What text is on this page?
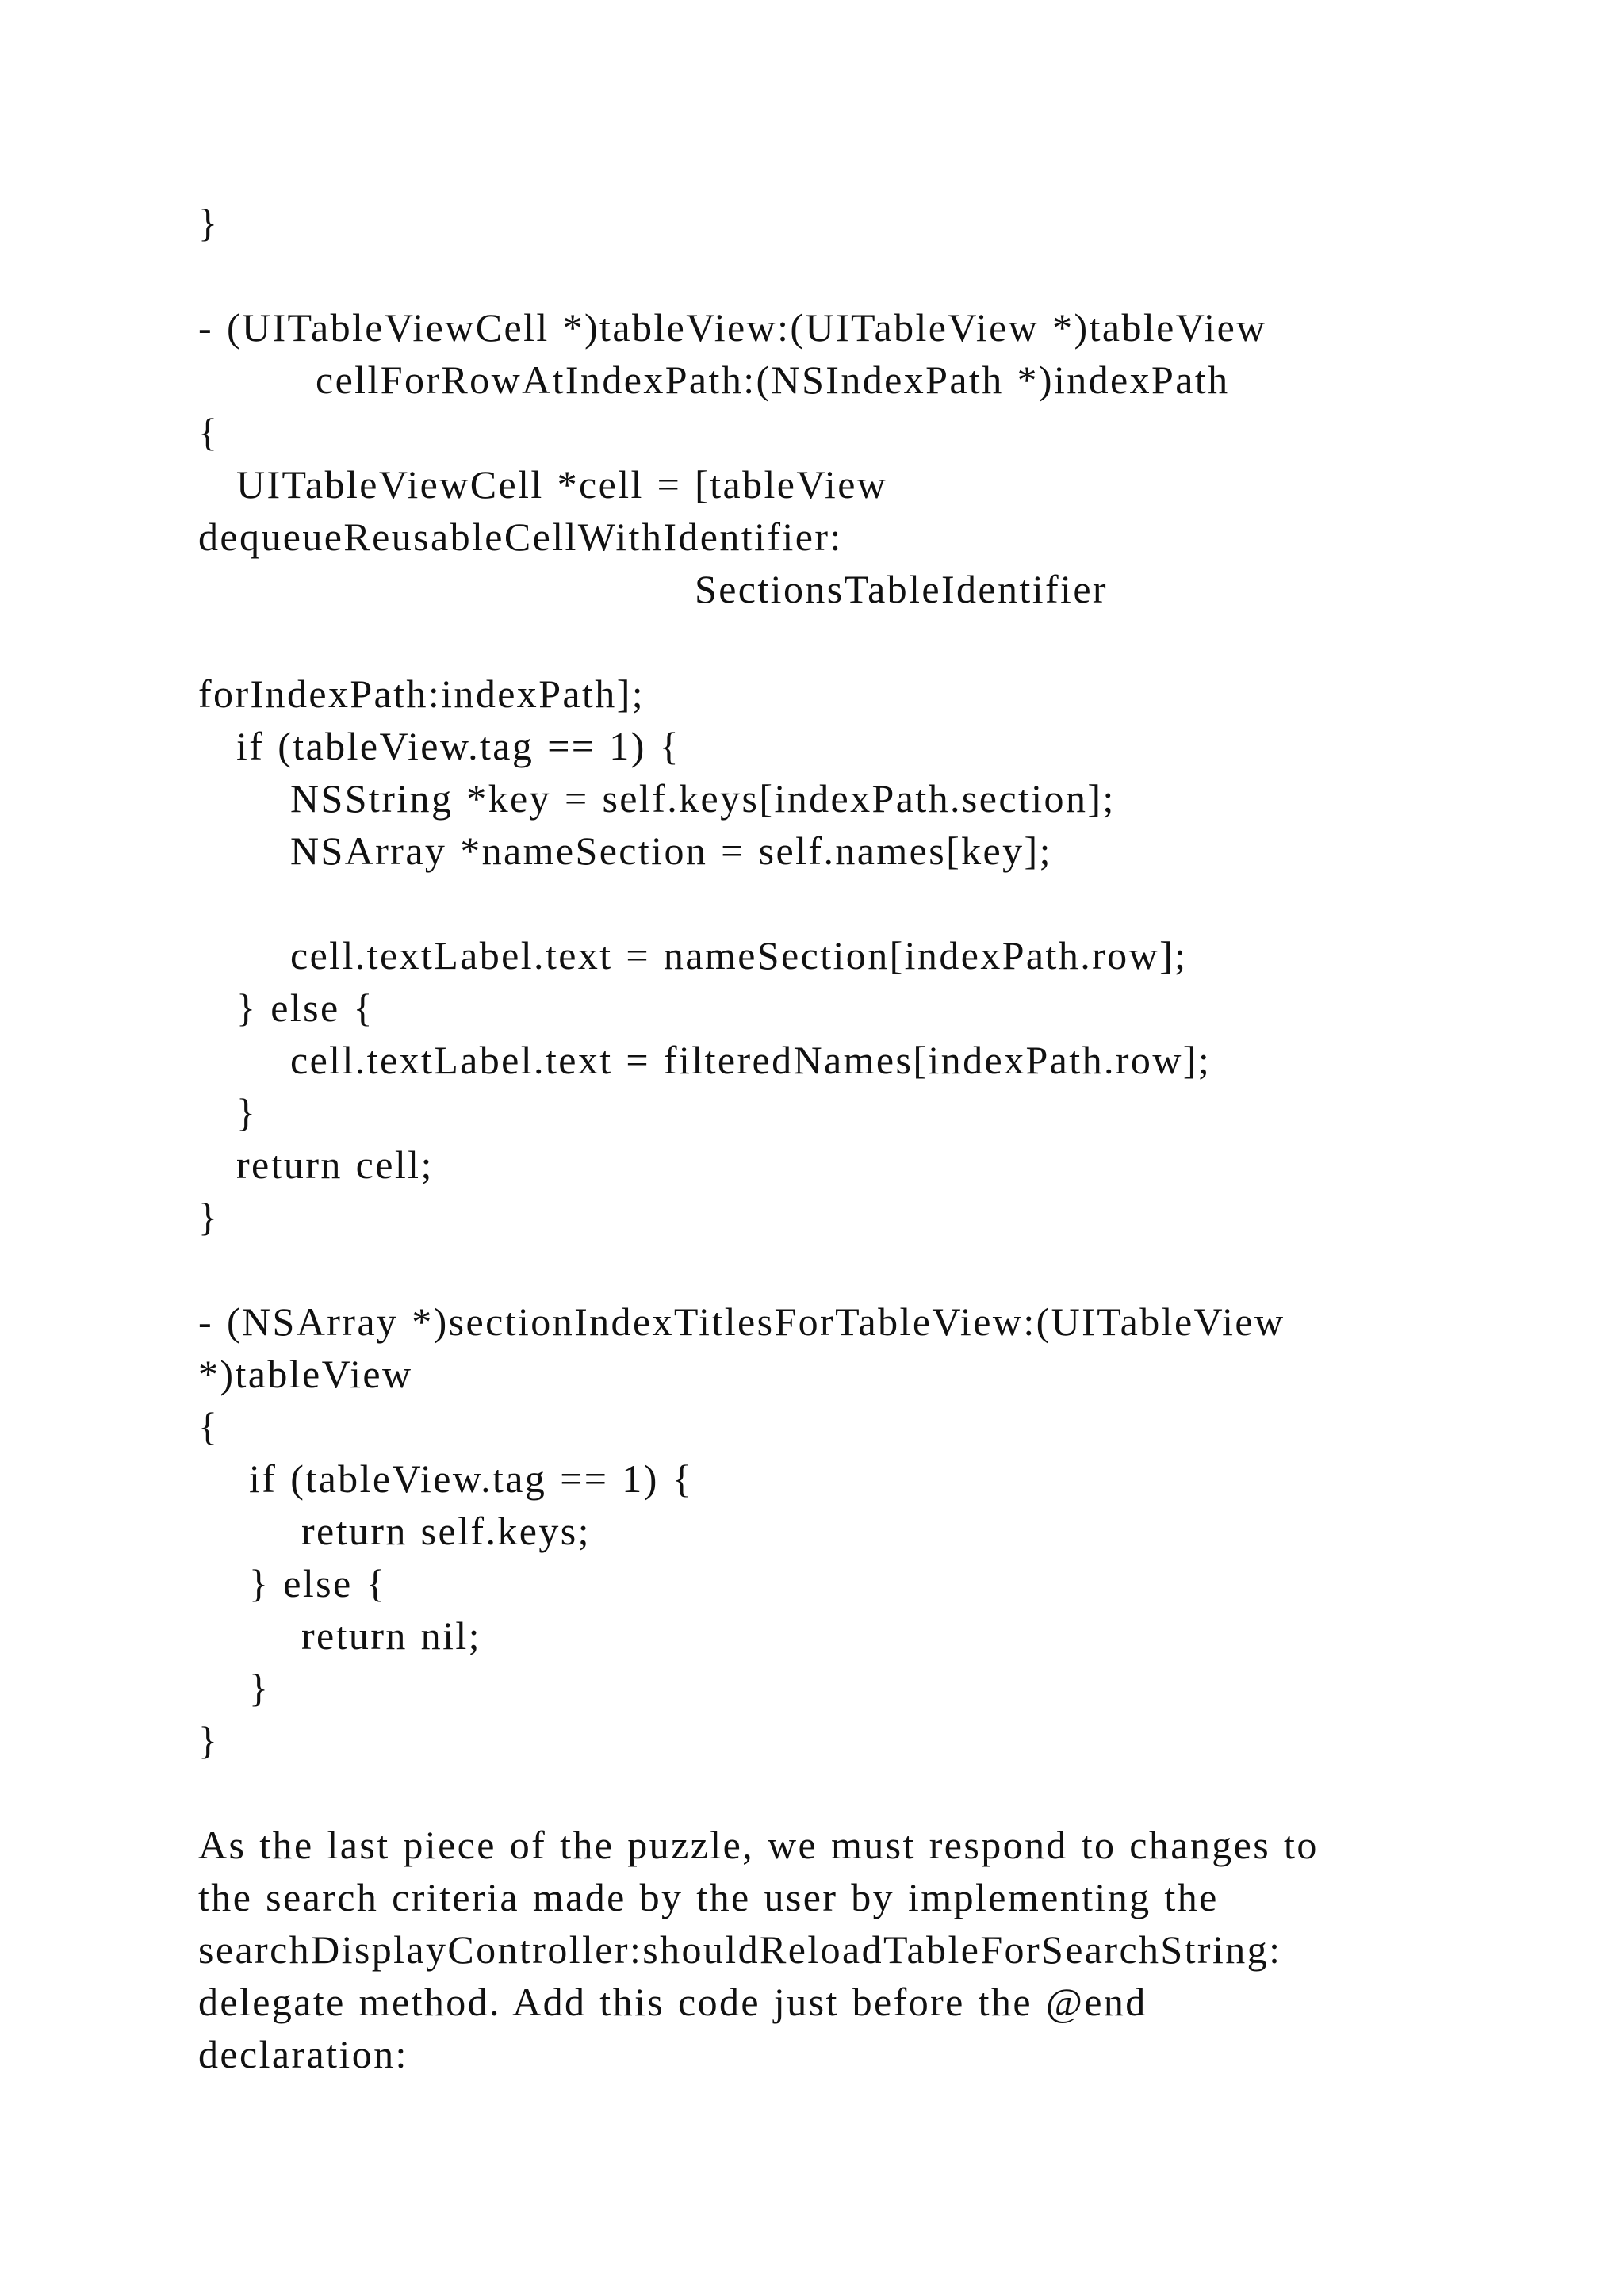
}

- (UITableViewCell *)tableView:(UITableView *)tableView

cellForRowAtIndexPath:(NSIndexPath *)indexPath

{

UITableViewCell *cell = [tableView

dequeueReusableCellWithIdentifier:

SectionsTableIdentifier

forIndexPath:indexPath];

if (tableView.tag == 1) {

NSString *key = self.keys[indexPath.section];

NSArray *nameSection = self.names[key];

cell.textLabel.text = nameSection[indexPath.row];

} else {

cell.textLabel.text = filteredNames[indexPath.row];

}

return cell;

}

- (NSArray *)sectionIndexTitlesForTableView:(UITableView

*)tableView

{

if (tableView.tag == 1) {

return self.keys;

} else {

return nil;

}

}

As the last piece of the puzzle, we must respond to changes to

the search criteria made by the user by implementing the

searchDisplayController:shouldReloadTableForSearchString:

delegate method. Add this code just before the @end

declaration:
